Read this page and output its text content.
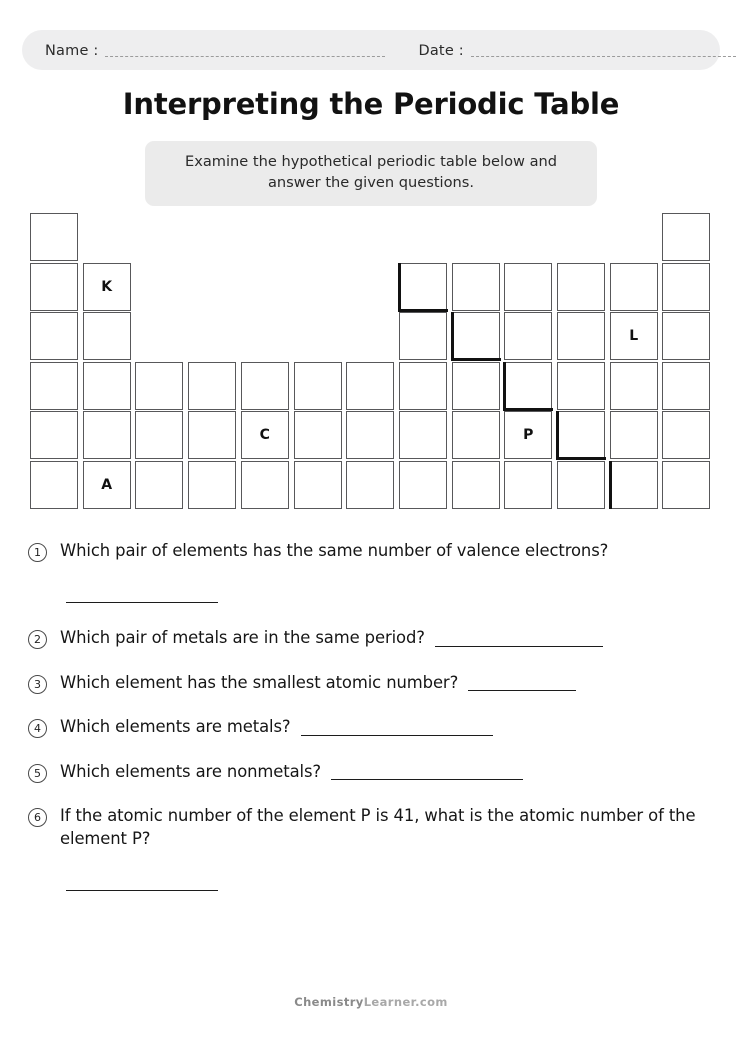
Name :	Date :
Interpreting the Periodic Table
Examine the hypothetical periodic table below and answer the given questions.
K
L
C	P
A
1	Which pair of elements has the same number of valence electrons?
2	Which pair of metals are in the same period?
3	Which element has the smallest atomic number?
4	Which elements are metals?
5	Which elements are nonmetals?
6	If the atomic number of the element P is 41, what is the atomic number of the element P?
ChemistryLearner.com
